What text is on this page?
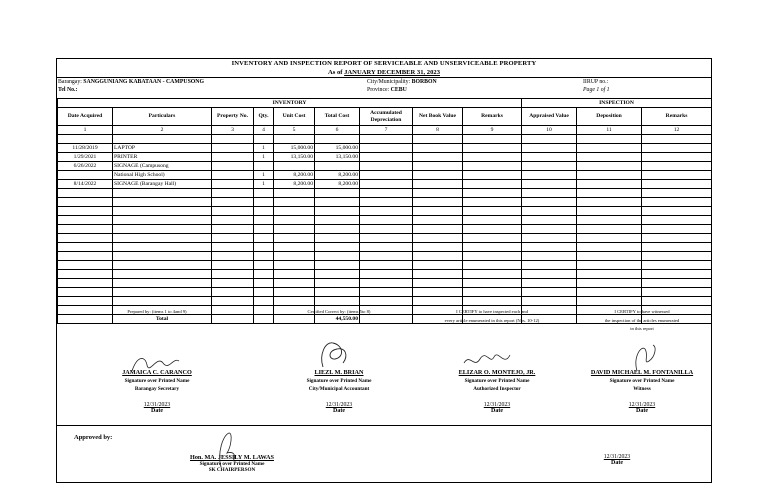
INVENTORY AND INSPECTION REPORT OF SERVICEABLE AND UNSERVICEABLE PROPERTY
As of JANUARY DECEMBER 31, 2023
Barangay: SANGGUNIANG KABATAAN - CAMPUSONG
Tel No.:
City/Municipality: BORBON
Province: CEBU
IIRUP no.:
Page 1 of 1
INVENTORY									INSPECTION		
Date Acquired	Particulars	Property No.	Qty.	Unit Cost	Total Cost	Accumulated Depreciation	Net Book Value	Remarks	Appraised Value	Deposition	Remarks
1	2	3	4	5	6	7	8	9	10	11	12

11/28/2019	LAPTOP		1	15,000.00	15,000.00						
1/29/2021	PRINTER		1	13,150.00	13,150.00						
6/26/2022	SIGNAGE (Campusong										
	National High School)		1	8,200.00	8,200.00						
8/14/2022	SIGNAGE (Barangay Hall)		1	8,200.00	8,200.00						

	Total				44,550.00						
Prepared by: (items 1 to 4and 9)	Certified Correct by: (items 5to 8)	I CERTIFY to have inspected each and
every article enumerated in this report (Nos. 10-12)
I CERTIFY to have witnessed
the inspection of the articles enumerated
in this report
JAMAICA C. CARANCO
Signature over Printed Name
Barangay Secretary
12/31/2023
Date
LIEZL M. BRIAN
Signature over Printed Name
City/Municipal Accountant
12/31/2023
Date
ELIZAR O. MONTEJO, JR.
Signature over Printed Name
Authorized Inspector
12/31/2023
Date
DAVID MICHAEL M. FONTANILLA
Signature over Printed Name
Witness
12/31/2023
Date
Approved by:
Hon. MA. JESSILY M. LAWAS
Signature over Printed Name
SK CHAIRPERSON
12/31/2023
Date
